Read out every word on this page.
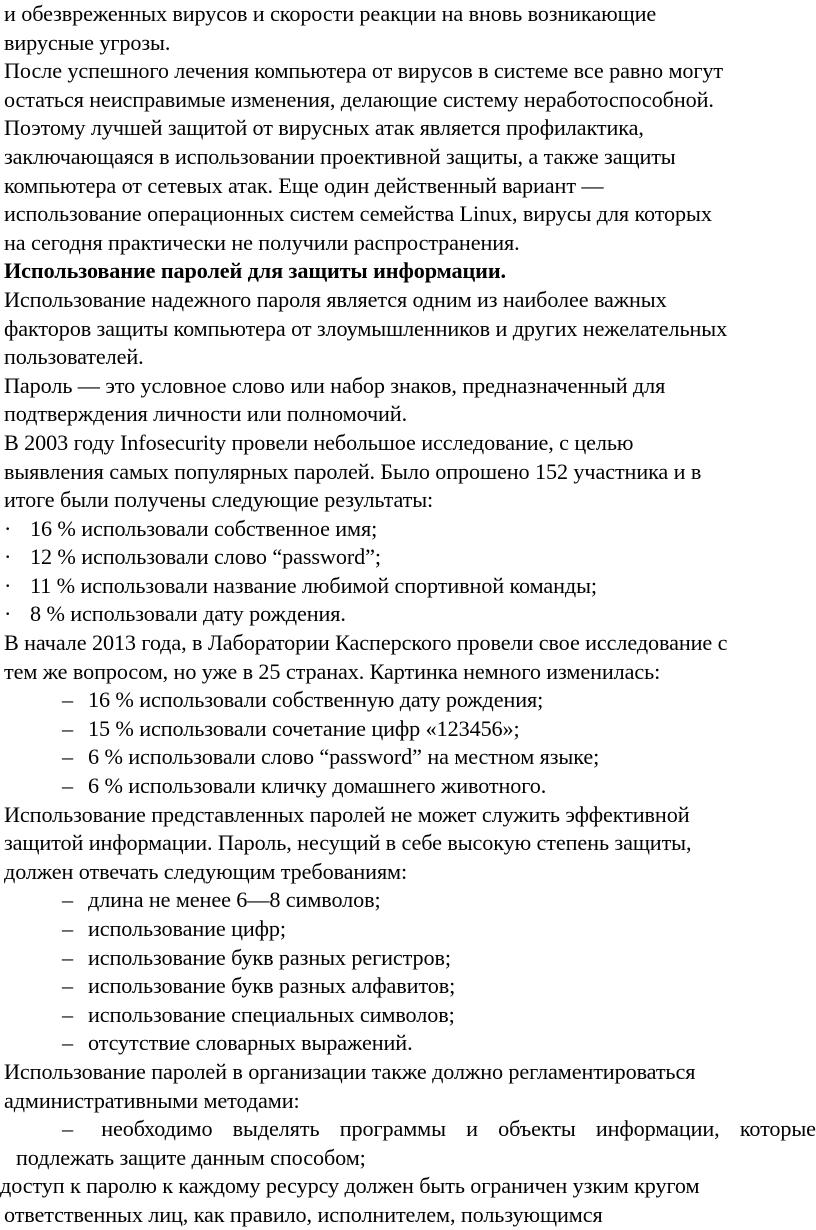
и обезвреженных вирусов и скорости реакции на вновь возникающие
вирусные угрозы.
После успешного лечения компьютера от вирусов в системе все равно могут
остаться неисправимые изменения, делающие систему неработоспособной.
Поэтому лучшей защитой от вирусных атак является профилактика,
заключающаяся в использовании проективной защиты, а также защиты
компьютера от сетевых атак. Еще один действенный вариант —
использование операционных систем семейства Linux, вирусы для которых
на сегодня практически не получили распространения.
Использование паролей для защиты информации.
Использование надежного пароля является одним из наиболее важных
факторов защиты компьютера от злоумышленников и других нежелательных
пользователей.
Пароль — это условное слово или набор знаков, предназначенный для
подтверждения личности или полномочий.
В 2003 году Infosecurity провели небольшое исследование, с целью
выявления самых популярных паролей. Было опрошено 152 участника и в
итоге были получены следующие результаты:
· 16 % использовали собственное имя;
· 12 % использовали слово “password”;
· 11 % использовали название любимой спортивной команды;
· 8 % использовали дату рождения.
В начале 2013 года, в Лаборатории Касперского провели свое исследование с
тем же вопросом, но уже в 25 странах. Картинка немного изменилась:
– 16 % использовали собственную дату рождения;
– 15 % использовали сочетание цифр «123456»;
– 6 % использовали слово “password” на местном языке;
– 6 % использовали кличку домашнего животного.
Использование представленных паролей не может служить эффективной
защитой информации. Пароль, несущий в себе высокую степень защиты,
должен отвечать следующим требованиям:
– длина не менее 6—8 символов;
– использование цифр;
– использование букв разных регистров;
– использование букв разных алфавитов;
– использование специальных символов;
– отсутствие словарных выражений.
Использование паролей в организации также должно регламентироваться
административными методами:
– необходимо выделять программы и объекты информации, которые
подлежать защите данным способом;
доступ к паролю к каждому ресурсу должен быть ограничен узким кругом
ответственных лиц, как правило, исполнителем, пользующимся
